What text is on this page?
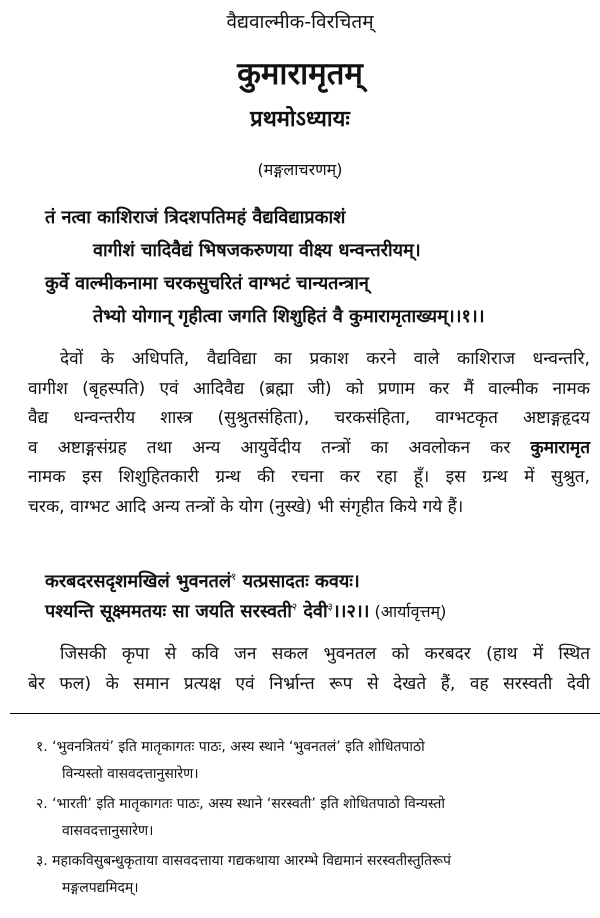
वैद्यवाल्मीक-विरचितम्
कुमारामृतम्
प्रथमोऽध्यायः
(मङ्गलाचरणम्)
तं नत्वा काशिराजं त्रिदशपतिमहं वैद्यविद्याप्रकाशं
वागीशं चादिवैद्यं भिषजकरुणया वीक्ष्य धन्वन्तरीयम्।
कुर्वे वाल्मीकनामा चरकसुचरितं वाग्भटं चान्यतन्त्रान्
तेभ्यो योगान् गृहीत्वा जगति शिशुहितं वै कुमारामृताख्यम्।।१।।
देवों के अधिपति, वैद्यविद्या का प्रकाश करने वाले काशिराज धन्वन्तरि,
वागीश (बृहस्पति) एवं आदिवैद्य (ब्रह्मा जी) को प्रणाम कर मैं वाल्मीक नामक
वैद्य धन्वन्तरीय शास्त्र (सुश्रुतसंहिता), चरकसंहिता, वाग्भटकृत अष्टाङ्गहृदय
व अष्टाङ्गसंग्रह तथा अन्य आयुर्वेदीय तन्त्रों का अवलोकन कर कुमारामृत
नामक इस शिशुहितकारी ग्रन्थ की रचना कर रहा हूँ। इस ग्रन्थ में सुश्रुत,
चरक, वाग्भट आदि अन्य तन्त्रों के योग (नुस्खे) भी संगृहीत किये गये हैं।
करबदरसदृशमखिलं भुवनतलं$^१$ यत्प्रसादतः कवयः।
पश्यन्ति सूक्ष्ममतयः सा जयति सरस्वती$^२$ देवी$^३$।।२।। (आर्यावृत्तम्)
जिसकी कृपा से कवि जन सकल भुवनतल को करबदर (हाथ में स्थित
बेर फल) के समान प्रत्यक्ष एवं निर्भ्रान्त रूप से देखते हैं, वह सरस्वती देवी
१. ‘भुवनत्रितयं’ इति मातृकागतः पाठः, अस्य स्थाने ‘भुवनतलं’ इति शोधितपाठो
विन्यस्तो वासवदत्तानुसारेण।
२. ‘भारती’ इति मातृकागतः पाठः, अस्य स्थाने ‘सरस्वती’ इति शोधितपाठो विन्यस्तो
वासवदत्तानुसारेण।
३. महाकविसुबन्धुकृताया वासवदत्ताया गद्यकथाया आरम्भे विद्यमानं सरस्वतीस्तुतिरूपं
मङ्गलपद्यमिदम्।
